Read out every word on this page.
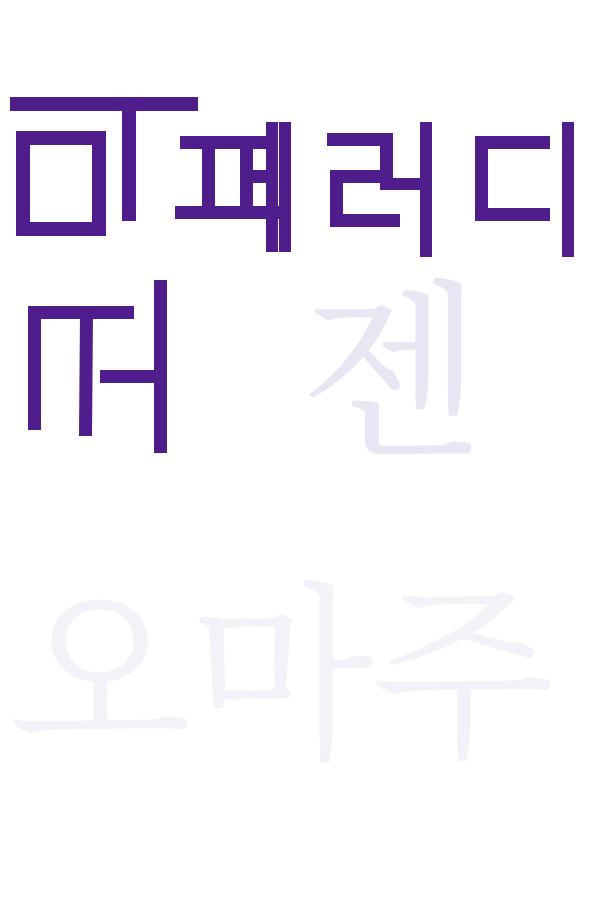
젠
오마주
